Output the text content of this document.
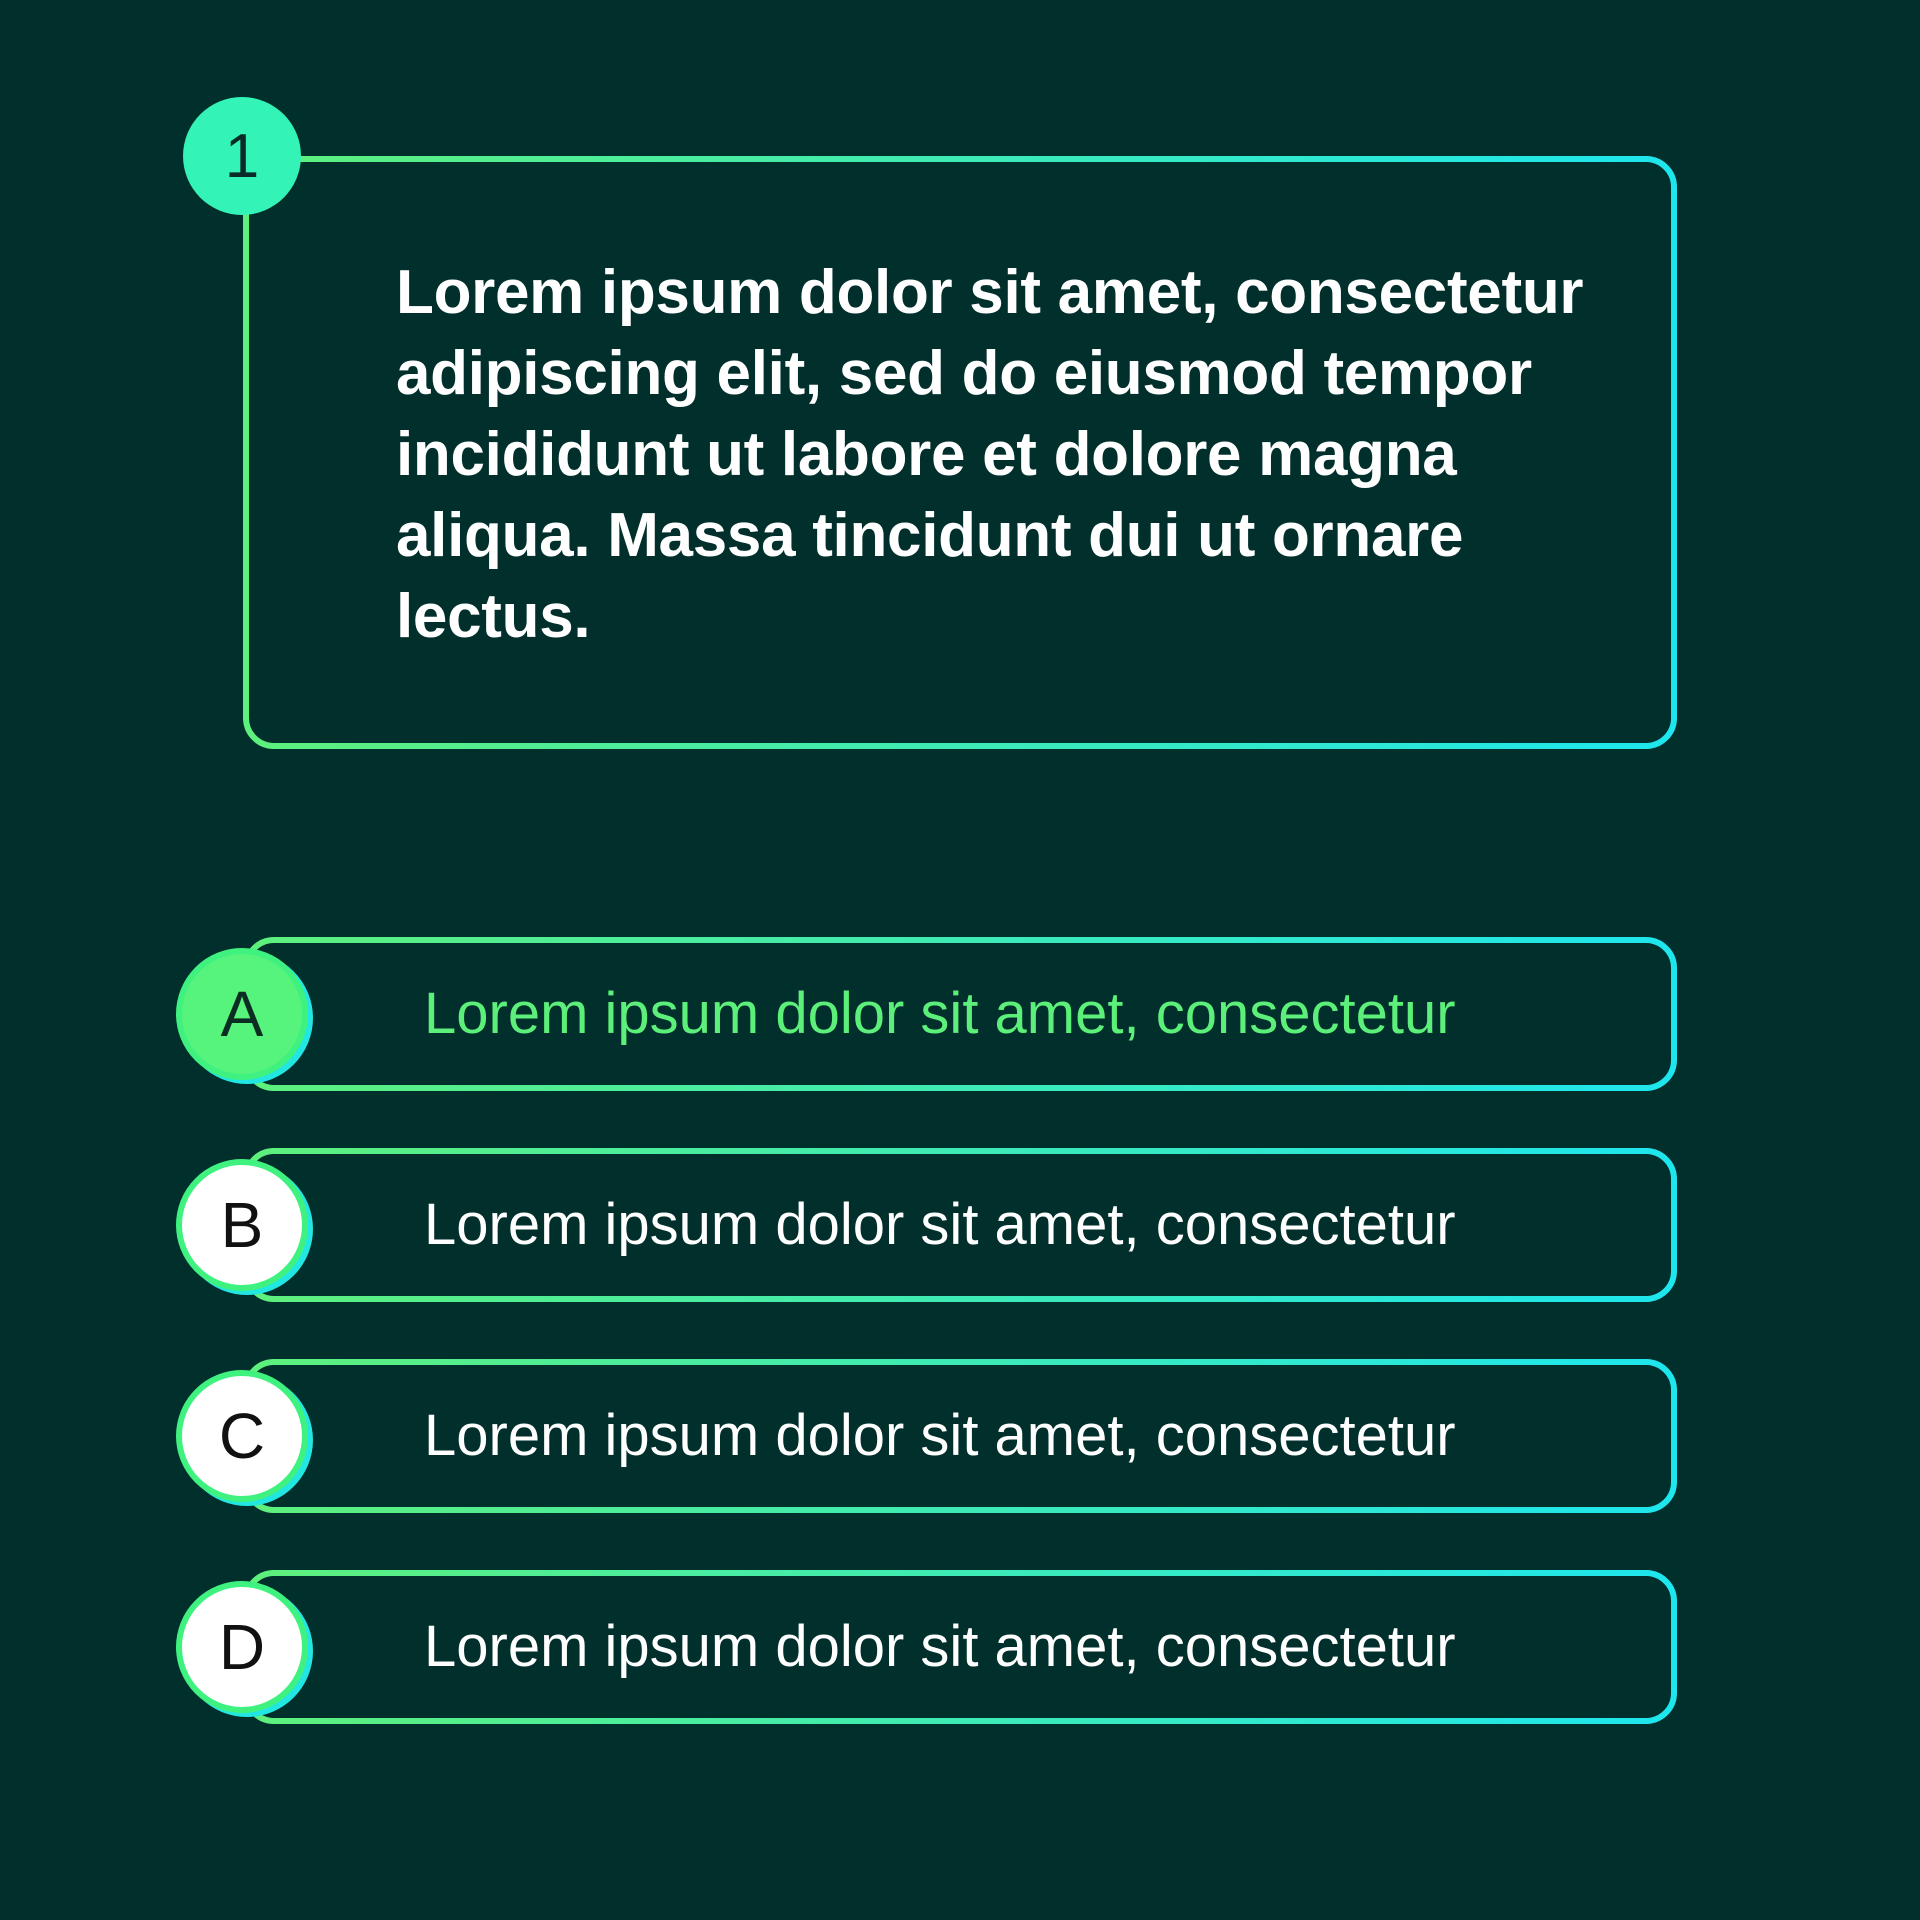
1

Lorem ipsum dolor sit amet, consectetur adipiscing elit, sed do eiusmod tempor incididunt ut labore et dolore magna aliqua. Massa tincidunt dui ut ornare lectus.

A	Lorem ipsum dolor sit amet, consectetur
B	Lorem ipsum dolor sit amet, consectetur
C	Lorem ipsum dolor sit amet, consectetur
D	Lorem ipsum dolor sit amet, consectetur
